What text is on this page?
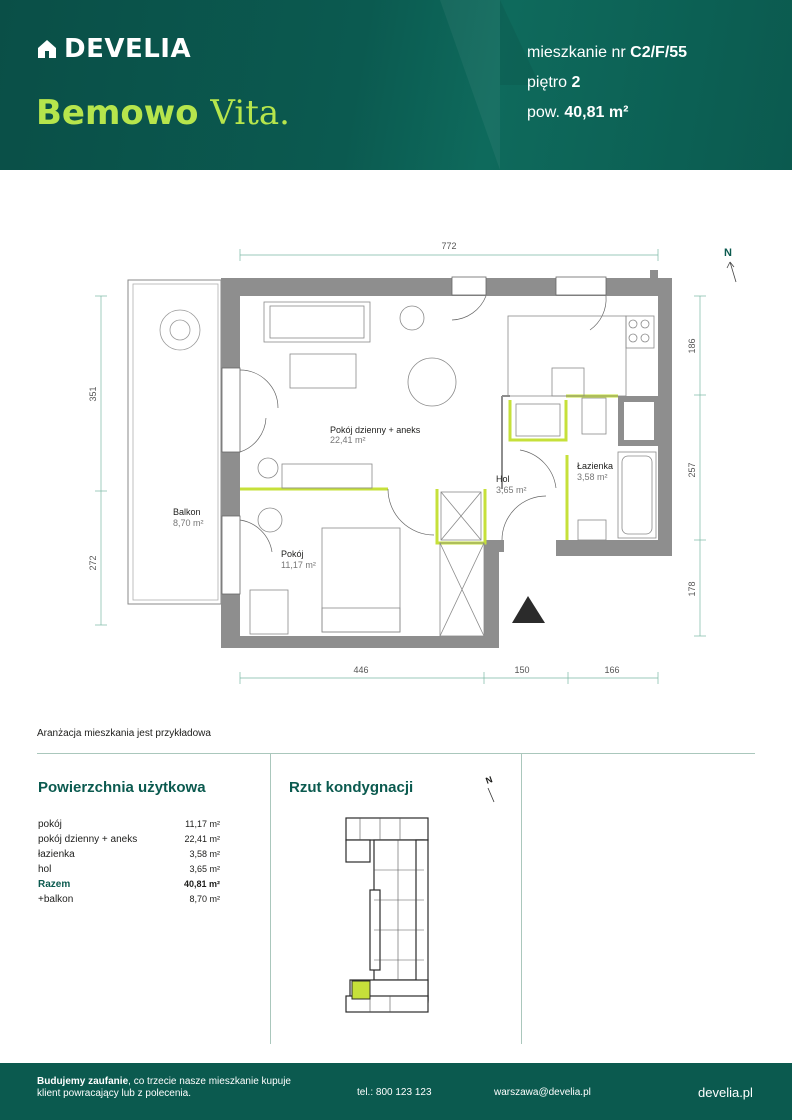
DEVELIA
Bemowo Vita.
mieszkanie nr C2/F/55
piętro 2
pow. 40,81 m²
772
351
272
186
257
178
446	150	166
N
Pokój dzienny + aneks
22,41 m²
Hol
3,65 m²
Łazienka
3,58 m²
Balkon
8,70 m²
Pokój
11,17 m²
Aranżacja mieszkania jest przykładowa
Powierzchnia użytkowa
pokój	11,17 m²
pokój dzienny + aneks	22,41 m²
łazienka	3,58 m²
hol	3,65 m²
Razem	40,81 m²
+balkon	8,70 m²
Rzut kondygnacji	N
Budujemy zaufanie, co trzecie nasze mieszkanie kupuje klient powracający lub z polecenia.	tel.: 800 123 123	warszawa@develia.pl	develia.pl
